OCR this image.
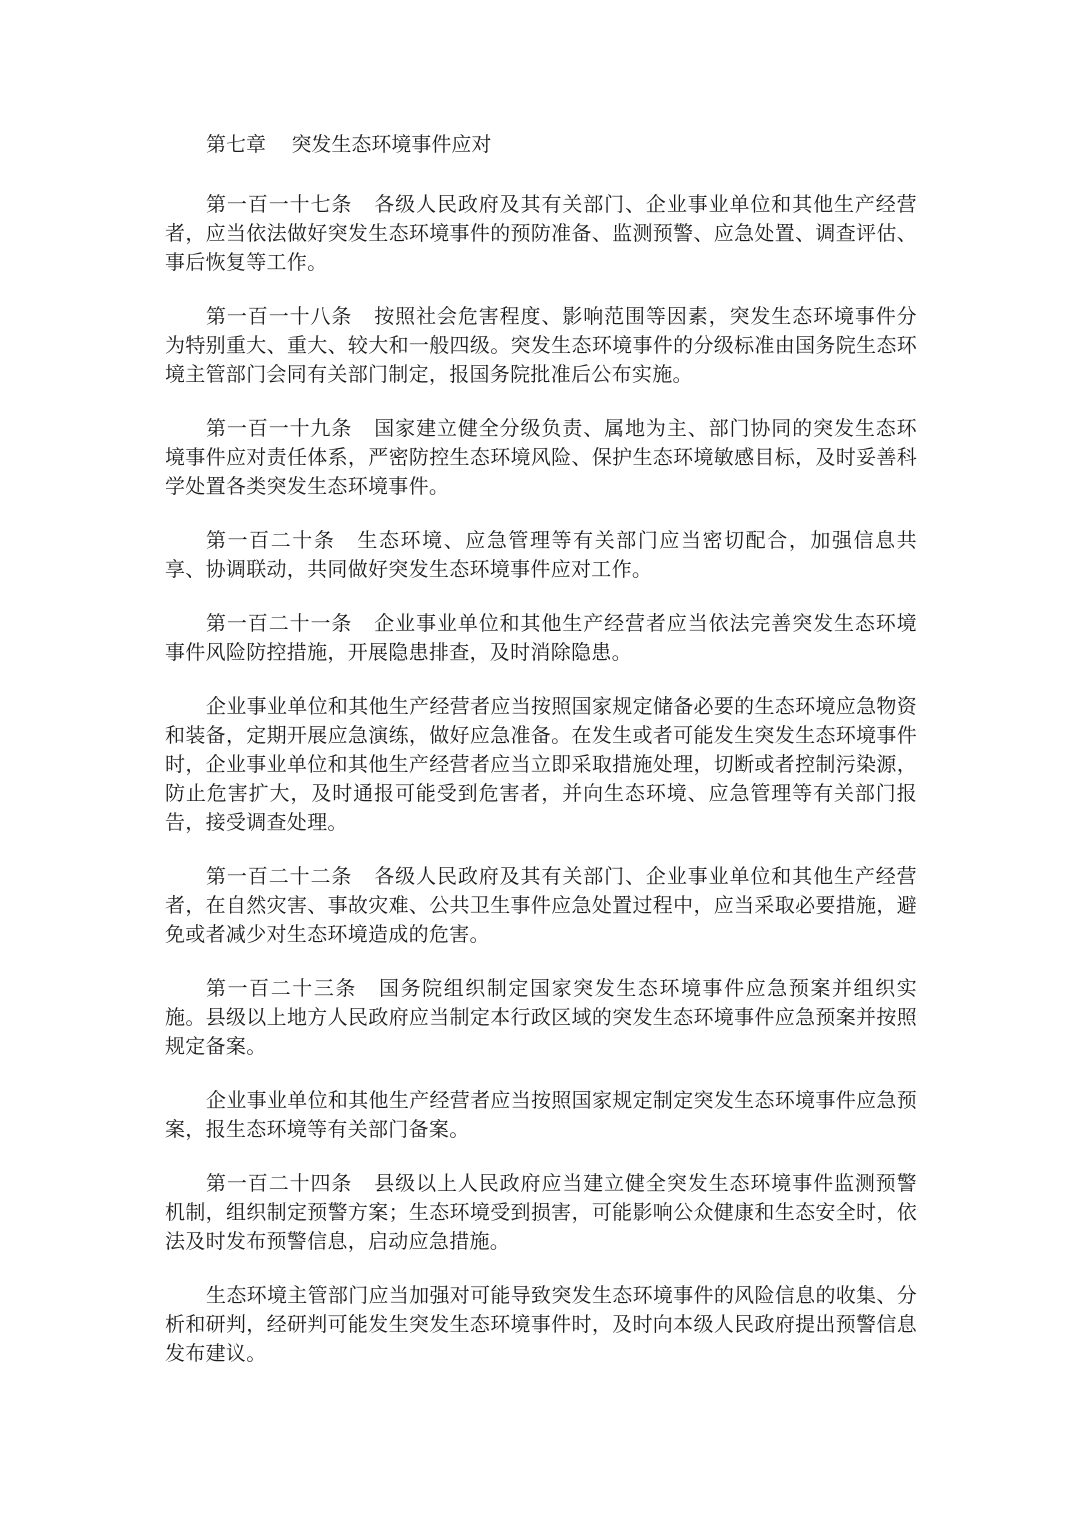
第七章 突发生态环境事件应对

第一百一十七条 各级人民政府及其有关部门、企业事业单位和其他生产经营者，应当依法做好突发生态环境事件的预防准备、监测预警、应急处置、调查评估、事后恢复等工作。

第一百一十八条 按照社会危害程度、影响范围等因素，突发生态环境事件分为特别重大、重大、较大和一般四级。突发生态环境事件的分级标准由国务院生态环境主管部门会同有关部门制定，报国务院批准后公布实施。

第一百一十九条 国家建立健全分级负责、属地为主、部门协同的突发生态环境事件应对责任体系，严密防控生态环境风险、保护生态环境敏感目标，及时妥善科学处置各类突发生态环境事件。

第一百二十条 生态环境、应急管理等有关部门应当密切配合，加强信息共享、协调联动，共同做好突发生态环境事件应对工作。

第一百二十一条 企业事业单位和其他生产经营者应当依法完善突发生态环境事件风险防控措施，开展隐患排查，及时消除隐患。

企业事业单位和其他生产经营者应当按照国家规定储备必要的生态环境应急物资和装备，定期开展应急演练，做好应急准备。在发生或者可能发生突发生态环境事件时，企业事业单位和其他生产经营者应当立即采取措施处理，切断或者控制污染源，防止危害扩大，及时通报可能受到危害者，并向生态环境、应急管理等有关部门报告，接受调查处理。

第一百二十二条 各级人民政府及其有关部门、企业事业单位和其他生产经营者，在自然灾害、事故灾难、公共卫生事件应急处置过程中，应当采取必要措施，避免或者减少对生态环境造成的危害。

第一百二十三条 国务院组织制定国家突发生态环境事件应急预案并组织实施。县级以上地方人民政府应当制定本行政区域的突发生态环境事件应急预案并按照规定备案。

企业事业单位和其他生产经营者应当按照国家规定制定突发生态环境事件应急预案，报生态环境等有关部门备案。

第一百二十四条 县级以上人民政府应当建立健全突发生态环境事件监测预警机制，组织制定预警方案；生态环境受到损害，可能影响公众健康和生态安全时，依法及时发布预警信息，启动应急措施。

生态环境主管部门应当加强对可能导致突发生态环境事件的风险信息的收集、分析和研判，经研判可能发生突发生态环境事件时，及时向本级人民政府提出预警信息发布建议。
